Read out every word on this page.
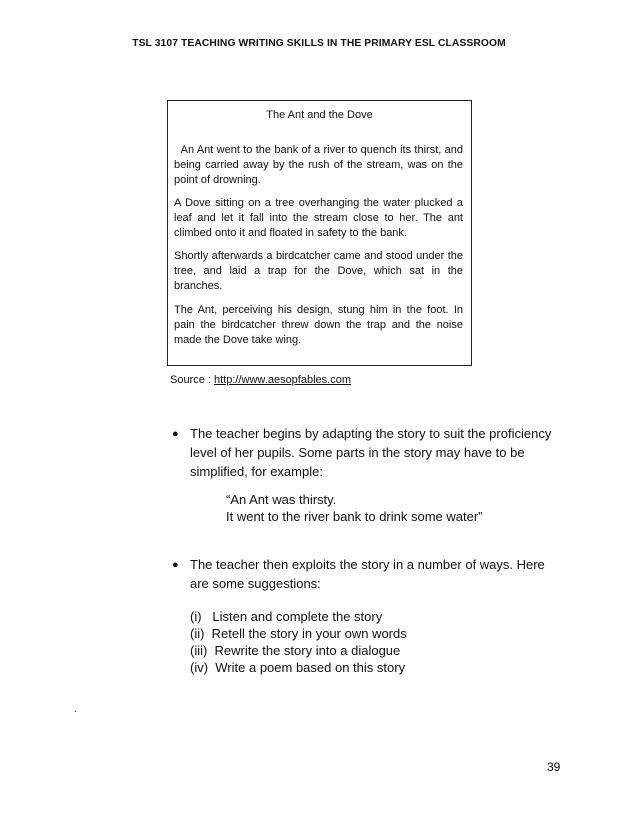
TSL 3107 TEACHING WRITING SKILLS IN THE PRIMARY ESL CLASSROOM
The Ant and the Dove

An Ant went to the bank of a river to quench its thirst, and being carried away by the rush of the stream, was on the point of drowning.

A Dove sitting on a tree overhanging the water plucked a leaf and let it fall into the stream close to her. The ant climbed onto it and floated in safety to the bank.

Shortly afterwards a birdcatcher came and stood under the tree, and laid a trap for the Dove, which sat in the branches.

The Ant, perceiving his design, stung him in the foot. In pain the birdcatcher threw down the trap and the noise made the Dove take wing.

Source : http://www.aesopfables.com
● The teacher begins by adapting the story to suit the proficiency level of her pupils. Some parts in the story may have to be simplified, for example:

“An Ant was thirsty.
It went to the river bank to drink some water”
● The teacher then exploits the story in a number of ways. Here are some suggestions:

(i)   Listen and complete the story
(ii)  Retell the story in your own words
(iii)  Rewrite the story into a dialogue
(iv)  Write a poem based on this story
.
39
